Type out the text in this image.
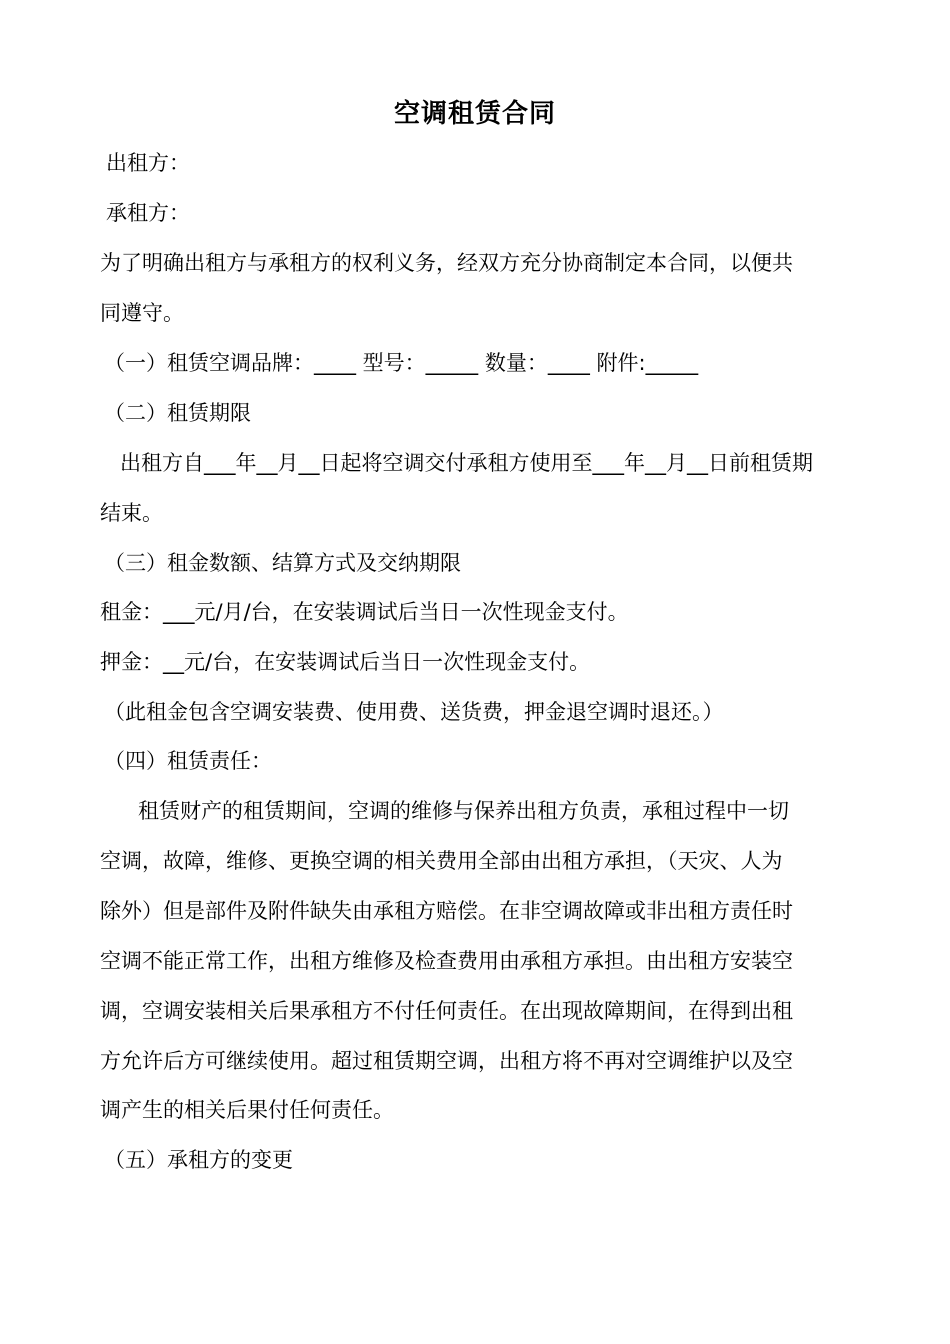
空调租赁合同
出租方：
承租方：
为了明确出租方与承租方的权利义务，经双方充分协商制定本合同，以便共
同遵守。
（一）租赁空调品牌：____ 型号：_____ 数量：____ 附件:_____
（二）租赁期限
出租方自___年__月__日起将空调交付承租方使用至___年__月__日前租赁期
结束。
（三）租金数额、结算方式及交纳期限
租金：___元/月/台，在安装调试后当日一次性现金支付。
押金：__元/台，在安装调试后当日一次性现金支付。
（此租金包含空调安装费、使用费、送货费，押金退空调时退还。）
（四）租赁责任：
租赁财产的租赁期间，空调的维修与保养出租方负责，承租过程中一切
空调，故障，维修、更换空调的相关费用全部由出租方承担，（天灾、人为
除外）但是部件及附件缺失由承租方赔偿。在非空调故障或非出租方责任时
空调不能正常工作，出租方维修及检查费用由承租方承担。由出租方安装空
调，空调安装相关后果承租方不付任何责任。在出现故障期间，在得到出租
方允许后方可继续使用。超过租赁期空调，出租方将不再对空调维护以及空
调产生的相关后果付任何责任。
（五）承租方的变更
